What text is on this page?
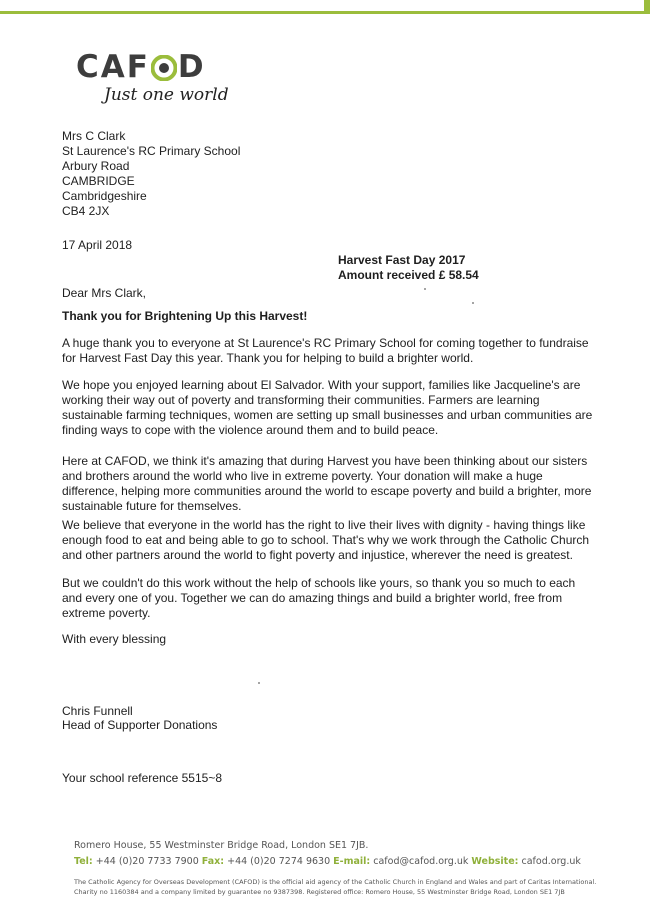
CAF D
Just one world
Mrs C Clark
St Laurence's RC Primary School
Arbury Road
CAMBRIDGE
Cambridgeshire
CB4 2JX
17 April 2018
Harvest Fast Day 2017
Amount received £ 58.54
Dear Mrs Clark,
Thank you for Brightening Up this Harvest!
A huge thank you to everyone at St Laurence's RC Primary School for coming together to fundraise
for Harvest Fast Day this year. Thank you for helping to build a brighter world.
We hope you enjoyed learning about El Salvador. With your support, families like Jacqueline's are
working their way out of poverty and transforming their communities. Farmers are learning
sustainable farming techniques, women are setting up small businesses and urban communities are
finding ways to cope with the violence around them and to build peace.
Here at CAFOD, we think it's amazing that during Harvest you have been thinking about our sisters
and brothers around the world who live in extreme poverty. Your donation will make a huge
difference, helping more communities around the world to escape poverty and build a brighter, more
sustainable future for themselves.
We believe that everyone in the world has the right to live their lives with dignity - having things like
enough food to eat and being able to go to school. That's why we work through the Catholic Church
and other partners around the world to fight poverty and injustice, wherever the need is greatest.
But we couldn't do this work without the help of schools like yours, so thank you so much to each
and every one of you. Together we can do amazing things and build a brighter world, free from
extreme poverty.
With every blessing
Chris Funnell
Head of Supporter Donations
Your school reference 5515~8
Romero House, 55 Westminster Bridge Road, London SE1 7JB.
Tel: +44 (0)20 7733 7900 Fax: +44 (0)20 7274 9630 E-mail: cafod@cafod.org.uk Website: cafod.org.uk
The Catholic Agency for Overseas Development (CAFOD) is the official aid agency of the Catholic Church in England and Wales and part of Caritas International.
Charity no 1160384 and a company limited by guarantee no 9387398. Registered office: Romero House, 55 Westminster Bridge Road, London SE1 7JB
